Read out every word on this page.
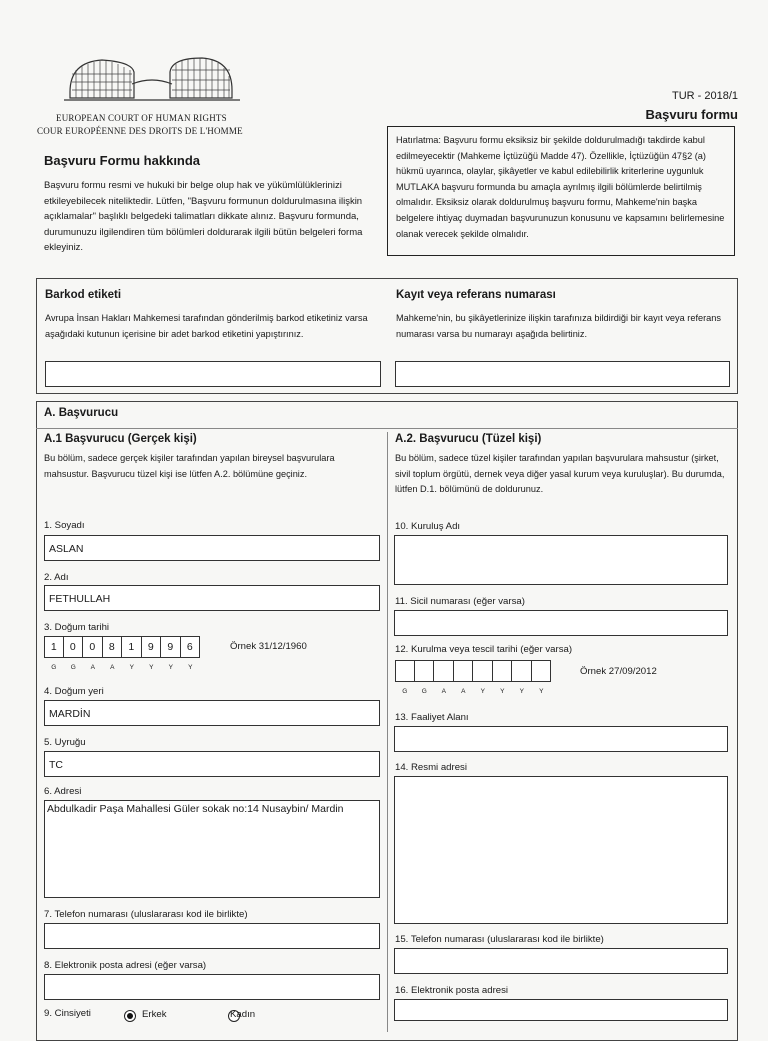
EUROPEAN COURT OF HUMAN RIGHTS
COUR EUROPÉENNE DES DROITS DE L'HOMME
TUR - 2018/1
Başvuru formu
Başvuru Formu hakkında
Başvuru formu resmi ve hukuki bir belge olup hak ve yükümlülüklerinizi etkileyebilecek niteliktedir. Lütfen, "Başvuru formunun doldurulmasına ilişkin açıklamalar" başlıklı belgedeki talimatları dikkate alınız. Başvuru formunda, durumunuzu ilgilendiren tüm bölümleri doldurarak ilgili bütün belgeleri forma ekleyiniz.
Hatırlatma: Başvuru formu eksiksiz bir şekilde doldurulmadığı takdirde kabul edilmeyecektir (Mahkeme İçtüzüğü Madde 47). Özellikle, İçtüzüğün 47§2 (a) hükmü uyarınca, olaylar, şikâyetler ve kabul edilebilirlik kriterlerine uygunluk MUTLAKA başvuru formunda bu amaçla ayrılmış ilgili bölümlerde belirtilmiş olmalıdır. Eksiksiz olarak doldurulmuş başvuru formu, Mahkeme'nin başka belgelere ihtiyaç duymadan başvurunuzun konusunu ve kapsamını belirlemesine olanak verecek şekilde olmalıdır.
Barkod etiketi
Avrupa İnsan Hakları Mahkemesi tarafından gönderilmiş barkod etiketiniz varsa aşağıdaki kutunun içerisine bir adet barkod etiketini yapıştırınız.
Kayıt veya referans numarası
Mahkeme'nin, bu şikâyetlerinize ilişkin tarafınıza bildirdiği bir kayıt veya referans numarası varsa bu numarayı aşağıda belirtiniz.
A. Başvurucu
A.1 Başvurucu (Gerçek kişi)
Bu bölüm, sadece gerçek kişiler tarafından yapılan bireysel başvurulara mahsustur. Başvurucu tüzel kişi ise lütfen A.2. bölümüne geçiniz.
1. Soyadı
ASLAN
2. Adı
FETHULLAH
3. Doğum tarihi
1	0	0	8	1	9	9	6
G	G	A	A	Y	Y	Y	Y
Örnek 31/12/1960
4. Doğum yeri
MARDİN
5. Uyruğu
TC
6. Adresi
Abdulkadir Paşa Mahallesi Güler sokak no:14 Nusaybin/ Mardin
7. Telefon numarası (uluslararası kod ile birlikte)
8. Elektronik posta adresi (eğer varsa)
9. Cinsiyeti
	Erkek	Kadın
A.2. Başvurucu (Tüzel kişi)
Bu bölüm, sadece tüzel kişiler tarafından yapılan başvurulara mahsustur (şirket, sivil toplum örgütü, dernek veya diğer yasal kurum veya kuruluşlar). Bu durumda, lütfen D.1. bölümünü de doldurunuz.
10. Kuruluş Adı
11. Sicil numarası (eğer varsa)
12. Kurulma veya tescil tarihi (eğer varsa)
G	G	A	A	Y	Y	Y	Y
Örnek 27/09/2012
13. Faaliyet Alanı
14. Resmi adresi
15. Telefon numarası (uluslararası kod ile birlikte)
16. Elektronik posta adresi
